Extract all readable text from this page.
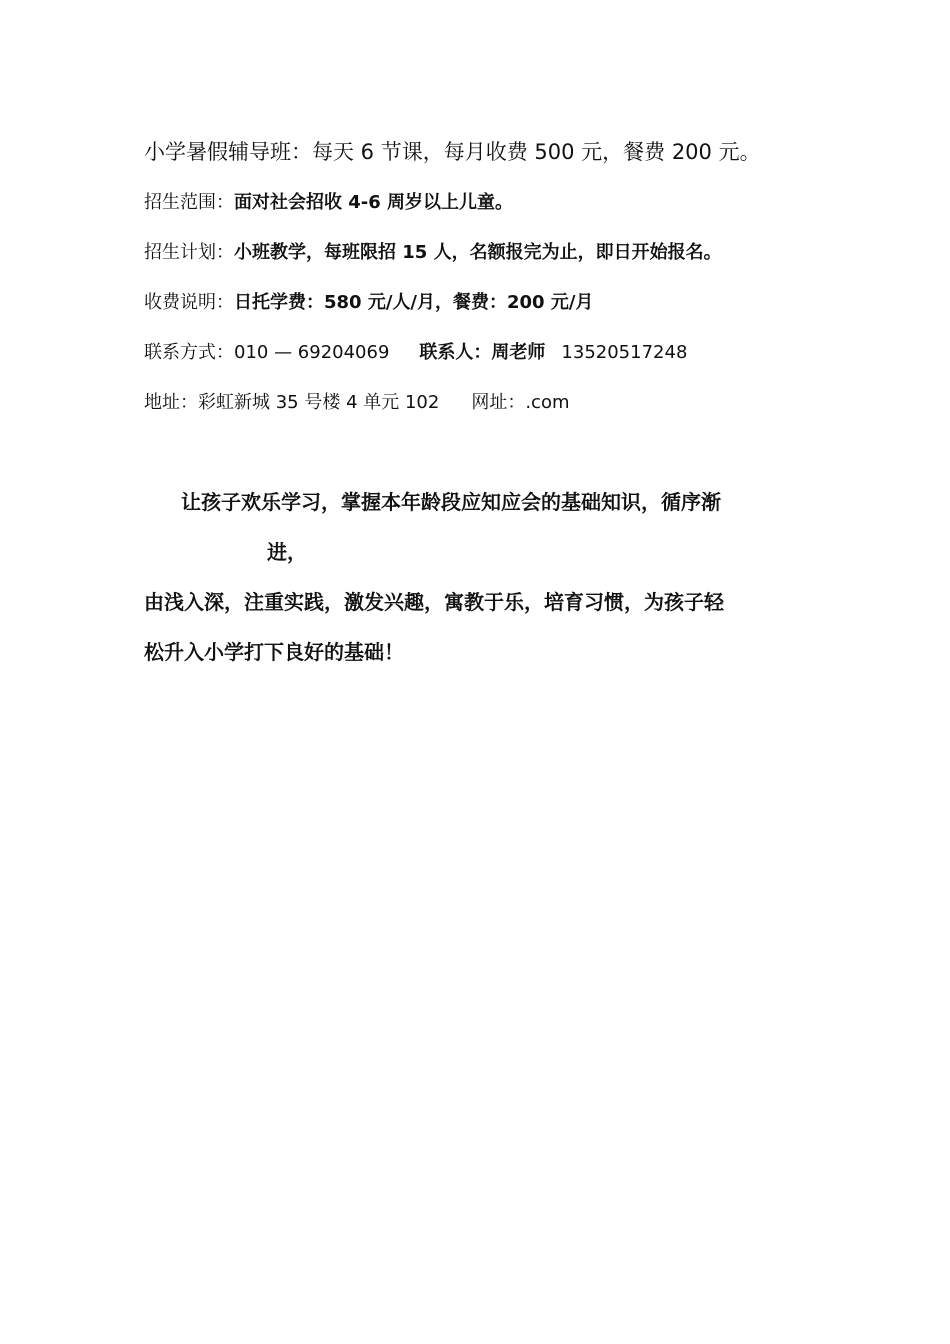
小学暑假辅导班：每天 6 节课，每月收费 500 元，餐费 200 元。
招生范围：面对社会招收 4-6 周岁以上儿童。
招生计划：小班教学，每班限招 15 人，名额报完为止，即日开始报名。
收费说明：日托学费：580 元/人/月，餐费：200 元/月
联系方式：010 — 69204069 联系人：周老师 13520517248
地址：彩虹新城 35 号楼 4 单元 102 网址：.com
让孩子欢乐学习，掌握本年龄段应知应会的基础知识，循序渐
进，
由浅入深，注重实践，激发兴趣，寓教于乐，培育习惯，为孩子轻
松升入小学打下良好的基础！
